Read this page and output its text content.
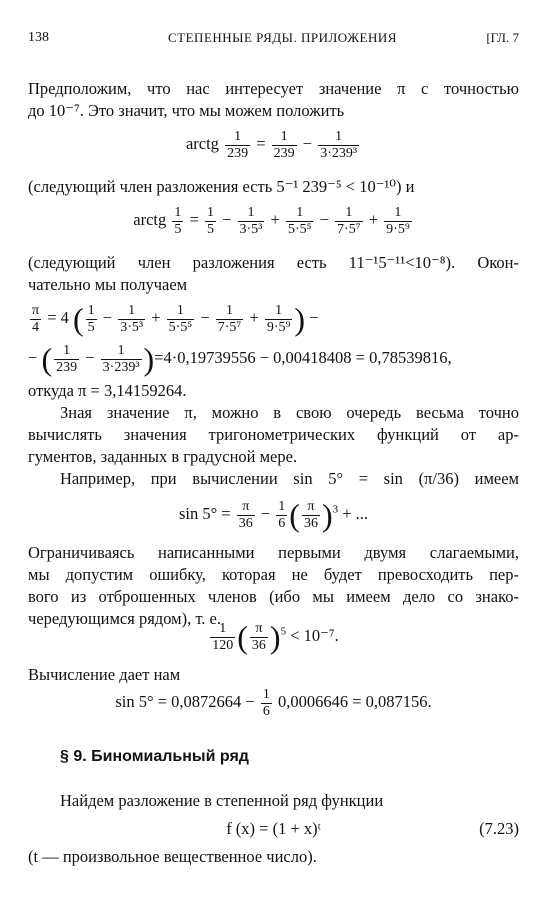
138	СТЕПЕННЫЕ РЯДЫ. ПРИЛОЖЕНИЯ	[ГЛ. 7
Предположим, что нас интересует значение π с точностью
до 10⁻⁷. Это значит, что мы можем положить
arctg $\frac{1}{239} = \frac{1}{239} - \frac{1}{\text{3·239³}}$
(следующий член разложения есть 5⁻¹ 239⁻⁵ < 10⁻¹⁰) и
arctg $\frac{1}{5} = \frac{1}{5} - \frac{1}{\text{3·5³}} + \frac{1}{\text{5·5⁵}} - \frac{1}{\text{7·5⁷}} + \frac{1}{\text{9·5⁹}}$
(следующий член разложения есть 11⁻¹5⁻¹¹<10⁻⁸). Окон-
чательно мы получаем
$\frac{\pi}{4} = 4$ ( $\frac{1}{5} - \frac{1}{\text{3·5³}} + \frac{1}{\text{5·5⁵}} - \frac{1}{\text{7·5⁷}} + \frac{1}{\text{9·5⁹}}$ ) −
− ( $\frac{1}{239} - \frac{1}{\text{3·239³}} )=4\cdot 0,19739556 - 0,00418408 = 0,78539816$,
откуда π = 3,14159264.
Зная значение π, можно в свою очередь весьма точно
вычислять значения тригонометрических функций от ар-
гументов, заданных в градусной мере.
Например, при вычислении sin 5° = sin (π/36) имеем
$\sin 5^\circ = \frac{\pi}{36} - \frac{1}{6}$ ( $\frac{\pi}{36} )^3$ + ...
Ограничиваясь написанными первыми двумя слагаемыми,
мы допустим ошибку, которая не будет превосходить пер-
вого из отброшенных членов (ибо мы имеем дело со знако-
чередующимся рядом), т. е.
$\frac{1}{120}$ ( $\frac{\pi}{36} )^5 < 10^{-7}$.
Вычисление дает нам
$\sin 5^\circ = 0,0872664 - \frac{1}{6} 0,0006646 = 0,087156$.
§ 9. Биномиальный ряд
Найдем разложение в степенной ряд функции
f (x) = (1 + x)ᵗ	(7.23)
(t — произвольное вещественное число).
